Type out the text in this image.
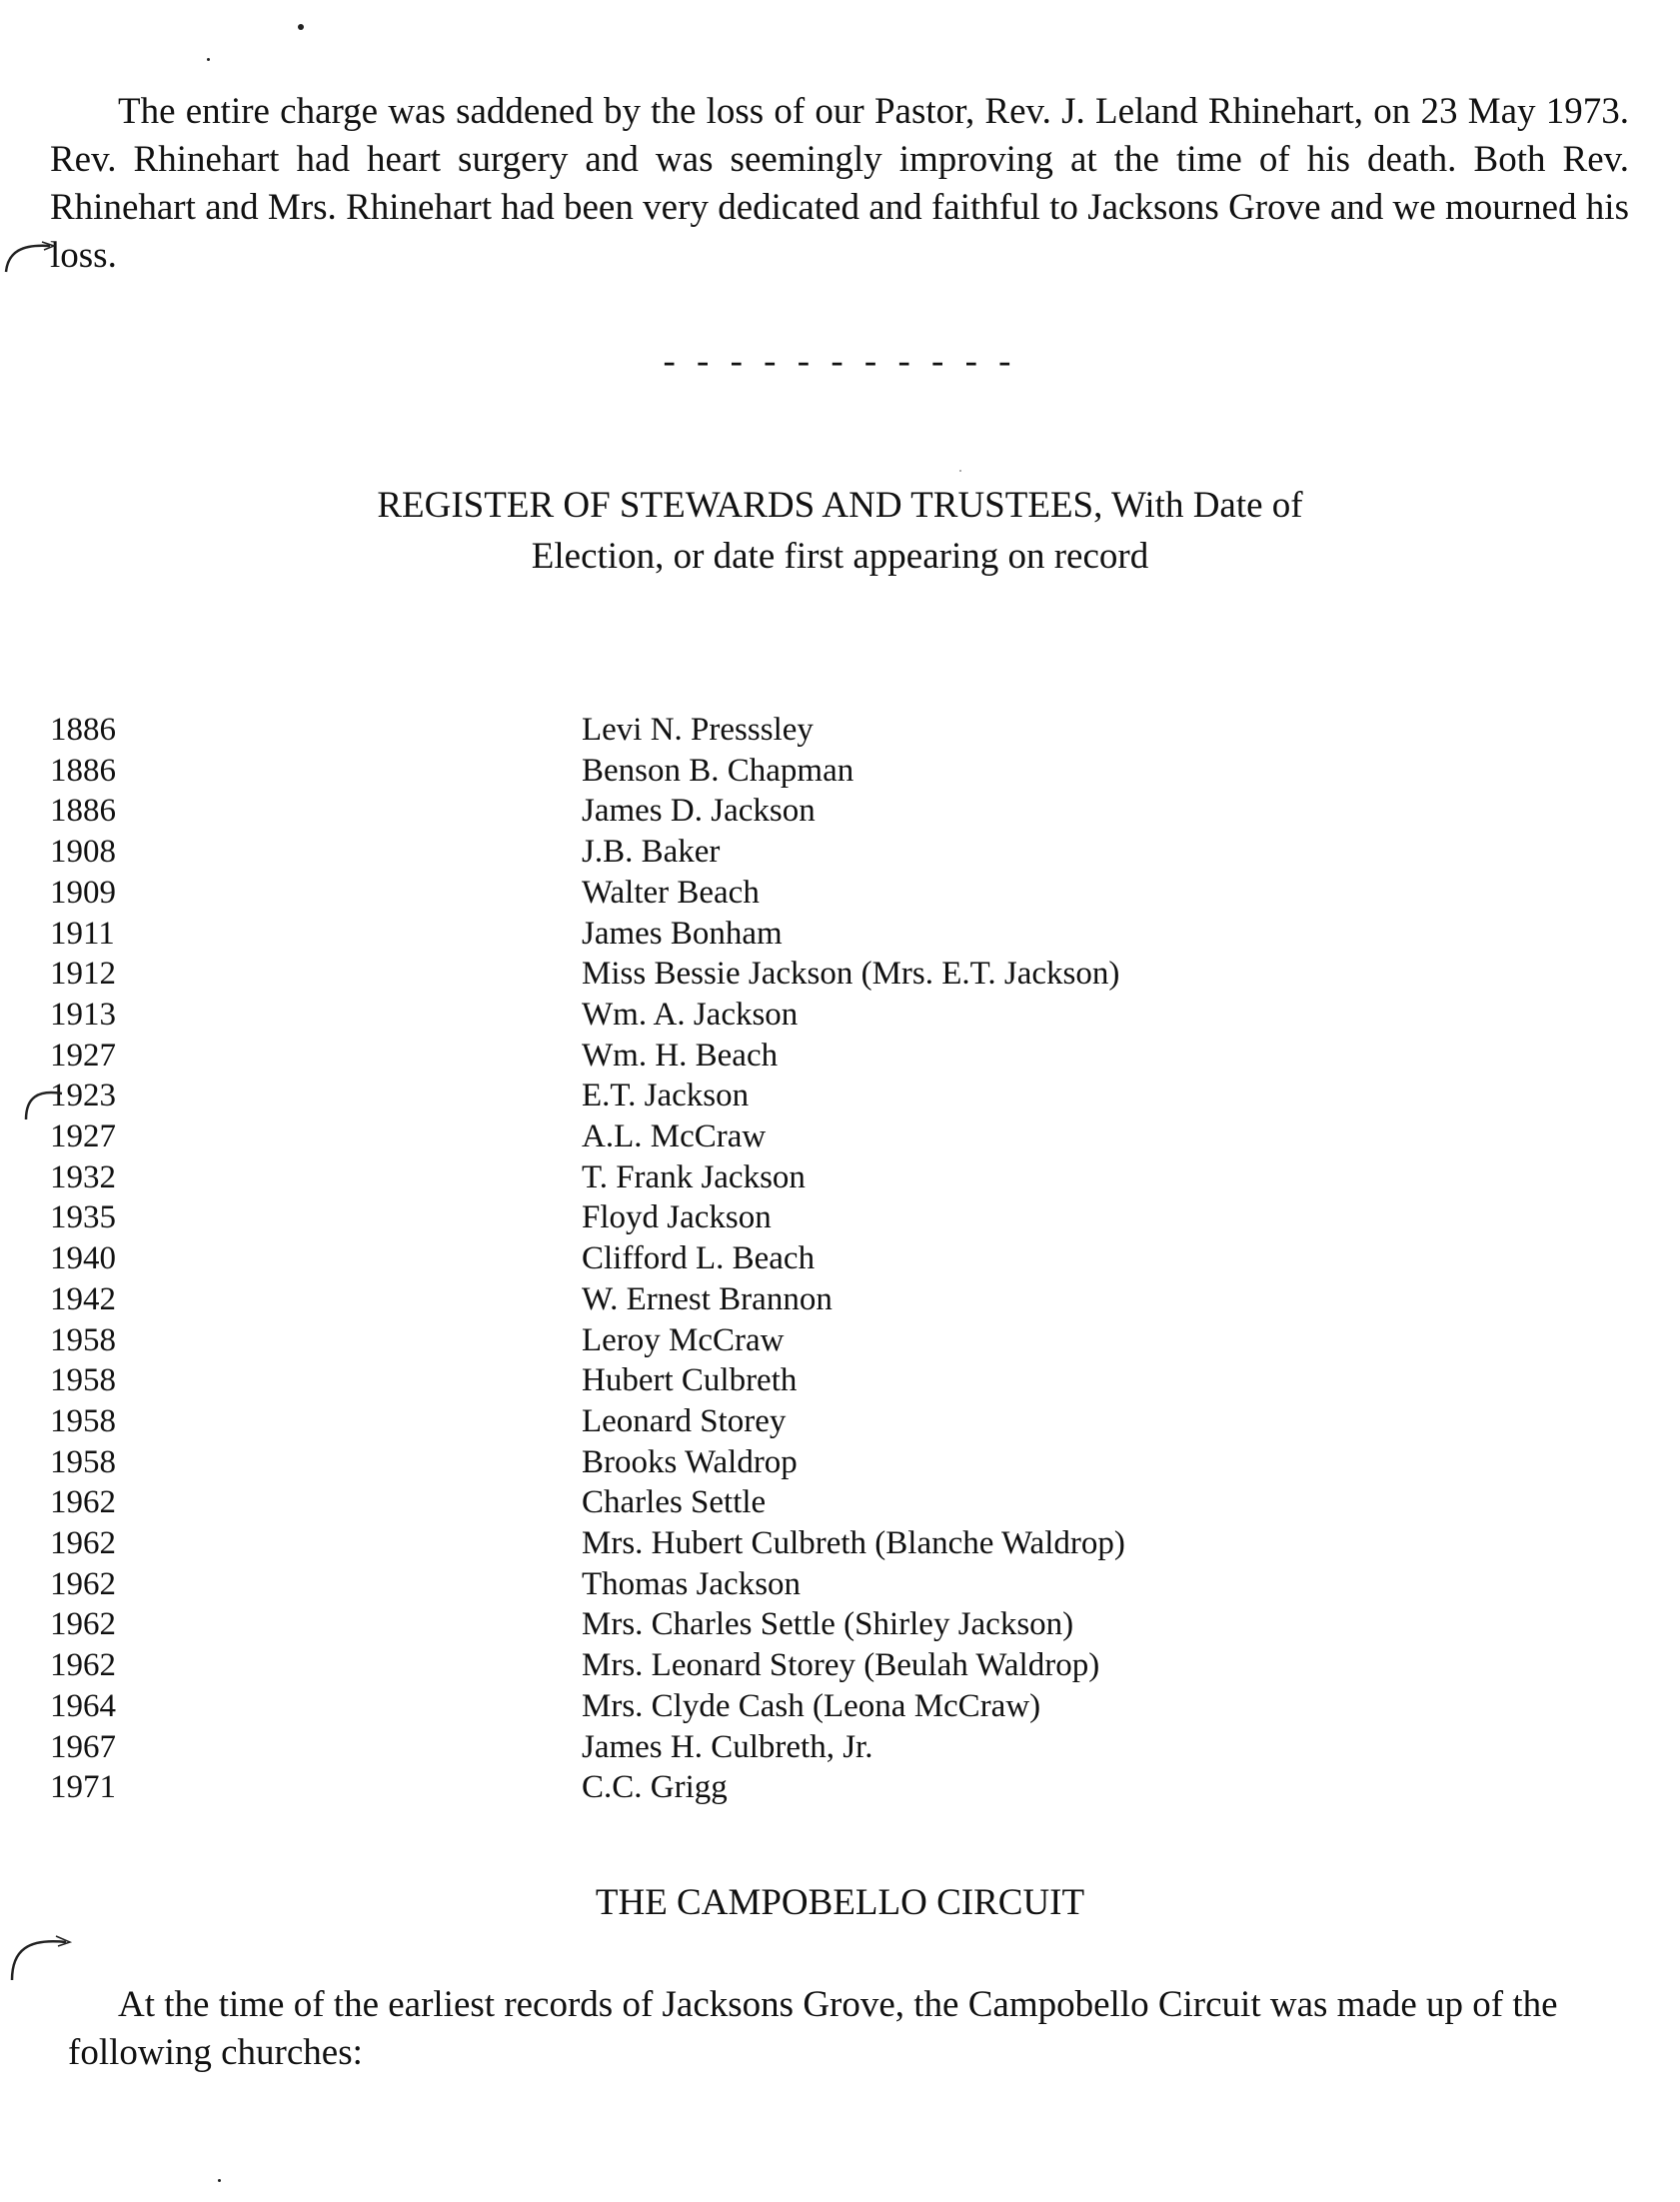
The entire charge was saddened by the loss of our Pastor, Rev. J. Leland Rhinehart, on 23 May 1973. Rev. Rhinehart had heart surgery and was seemingly improving at the time of his death. Both Rev. Rhinehart and Mrs. Rhinehart had been very dedicated and faithful to Jacksons Grove and we mourned his loss.

- - - - - - - - - - -
REGISTER OF STEWARDS AND TRUSTEES, With Date of
Election, or date first appearing on record
1886	Levi N. Presssley
1886	Benson B. Chapman
1886	James D. Jackson
1908	J.B. Baker
1909	Walter Beach
1911	James Bonham
1912	Miss Bessie Jackson (Mrs. E.T. Jackson)
1913	Wm. A. Jackson
1927	Wm. H. Beach
1923	E.T. Jackson
1927	A.L. McCraw
1932	T. Frank Jackson
1935	Floyd Jackson
1940	Clifford L. Beach
1942	W. Ernest Brannon
1958	Leroy McCraw
1958	Hubert Culbreth
1958	Leonard Storey
1958	Brooks Waldrop
1962	Charles Settle
1962	Mrs. Hubert Culbreth (Blanche Waldrop)
1962	Thomas Jackson
1962	Mrs. Charles Settle (Shirley Jackson)
1962	Mrs. Leonard Storey (Beulah Waldrop)
1964	Mrs. Clyde Cash (Leona McCraw)
1967	James H. Culbreth, Jr.
1971	C.C. Grigg
THE CAMPOBELLO CIRCUIT

At the time of the earliest records of Jacksons Grove, the Campobello Circuit was made up of the following churches:
